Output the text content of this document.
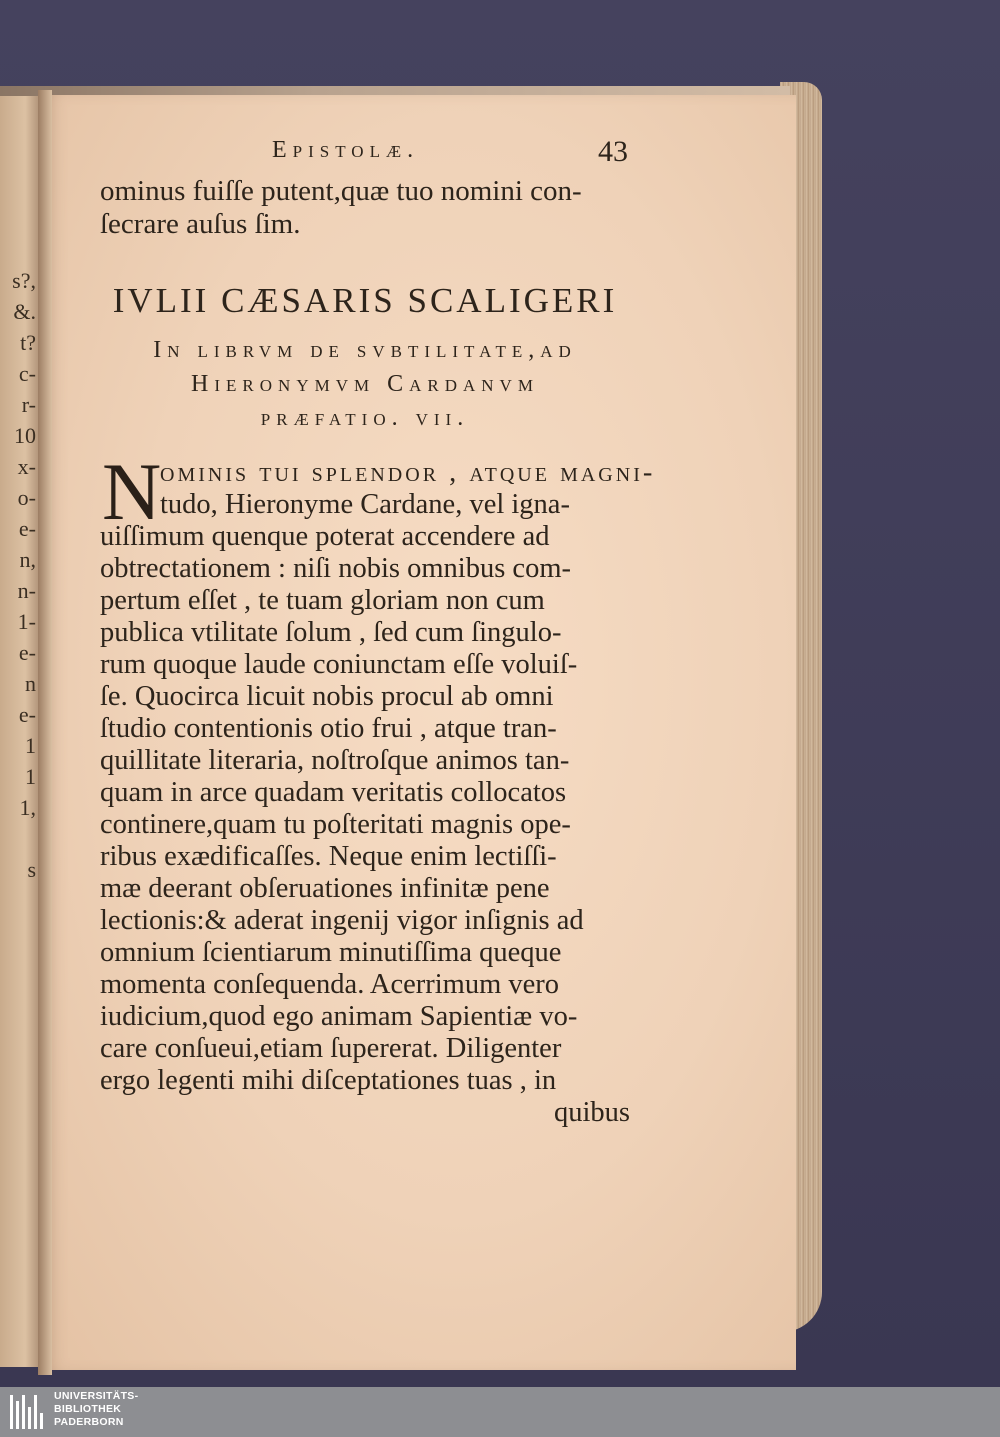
s?,
&.
t?
c-
r-
10
x-
o-
e-
n,
n-
1-
e-
n
e-
1
1
1,
s
Epistolæ.	43
ominus fuiſſe putent,quæ tuo nomini con-
ſecrare auſus ſim.
IVLII CÆSARIS SCALIGERI
In librvm de svbtilitate,ad
Hieronymvm Cardanvm
præfatio. vii.
N
ominis tui ſplendor , atque magni-
tudo, Hieronyme Cardane, vel igna-
uiſſimum quenque poterat accendere ad
obtrectationem : niſi nobis omnibus com-
pertum eſſet , te tuam gloriam non cum
publica vtilitate ſolum , ſed cum ſingulo-
rum quoque laude coniunctam eſſe voluiſ-
ſe. Quocirca licuit nobis procul ab omni
ſtudio contentionis otio frui , atque tran-
quillitate literaria, noſtroſque animos tan-
quam in arce quadam veritatis collocatos
continere,quam tu poſteritati magnis ope-
ribus exædificaſſes. Neque enim lectiſſi-
mæ deerant obſeruationes infinitæ pene
lectionis:& aderat ingenij vigor inſignis ad
omnium ſcientiarum minutiſſima queque
momenta conſequenda. Acerrimum vero
iudicium,quod ego animam Sapientiæ vo-
care conſueui,etiam ſupererat. Diligenter
ergo legenti mihi diſceptationes tuas , in
quibus
UNIVERSITÄTS-
BIBLIOTHEK
PADERBORN
